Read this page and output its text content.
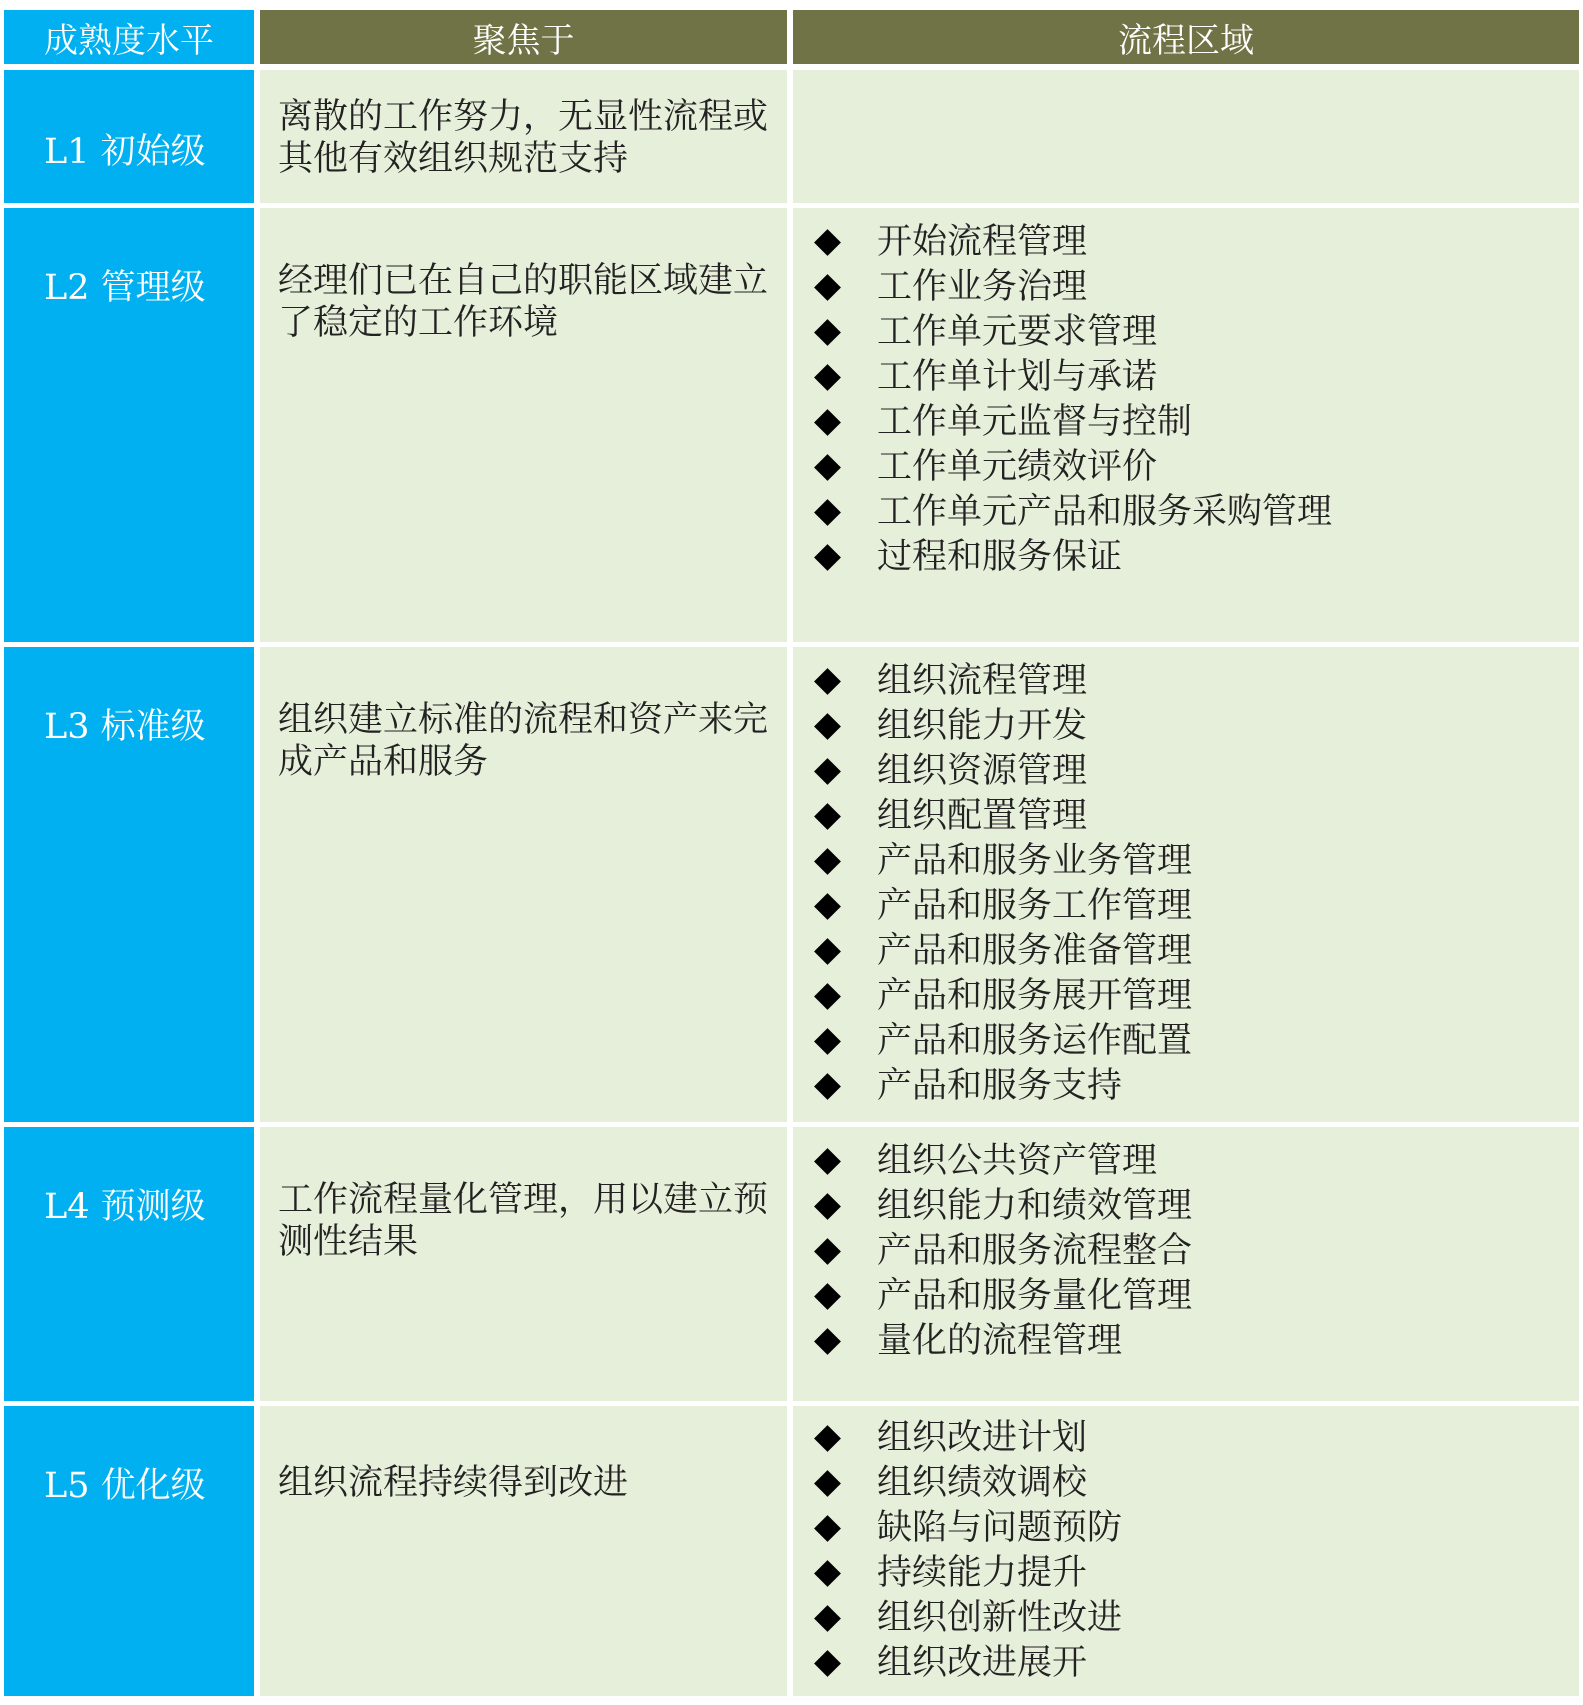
成熟度水平	聚焦于	流程区域
L1 初始级
离散的工作努力，无显性流程或其他有效组织规范支持
L2 管理级 经理们已在自己的职能区域建立了稳定的工作环境
开始流程管理
工作业务治理
工作单元要求管理
工作单计划与承诺
工作单元监督与控制
工作单元绩效评价
工作单元产品和服务采购管理
过程和服务保证
L3 标准级 组织建立标准的流程和资产来完成产品和服务
组织流程管理
组织能力开发
组织资源管理
组织配置管理
产品和服务业务管理
产品和服务工作管理
产品和服务准备管理
产品和服务展开管理
产品和服务运作配置
产品和服务支持
L4 预测级 工作流程量化管理，用以建立预测性结果
组织公共资产管理
组织能力和绩效管理
产品和服务流程整合
产品和服务量化管理
量化的流程管理
L5 优化级 组织流程持续得到改进
组织改进计划
组织绩效调校
缺陷与问题预防
持续能力提升
组织创新性改进
组织改进展开
